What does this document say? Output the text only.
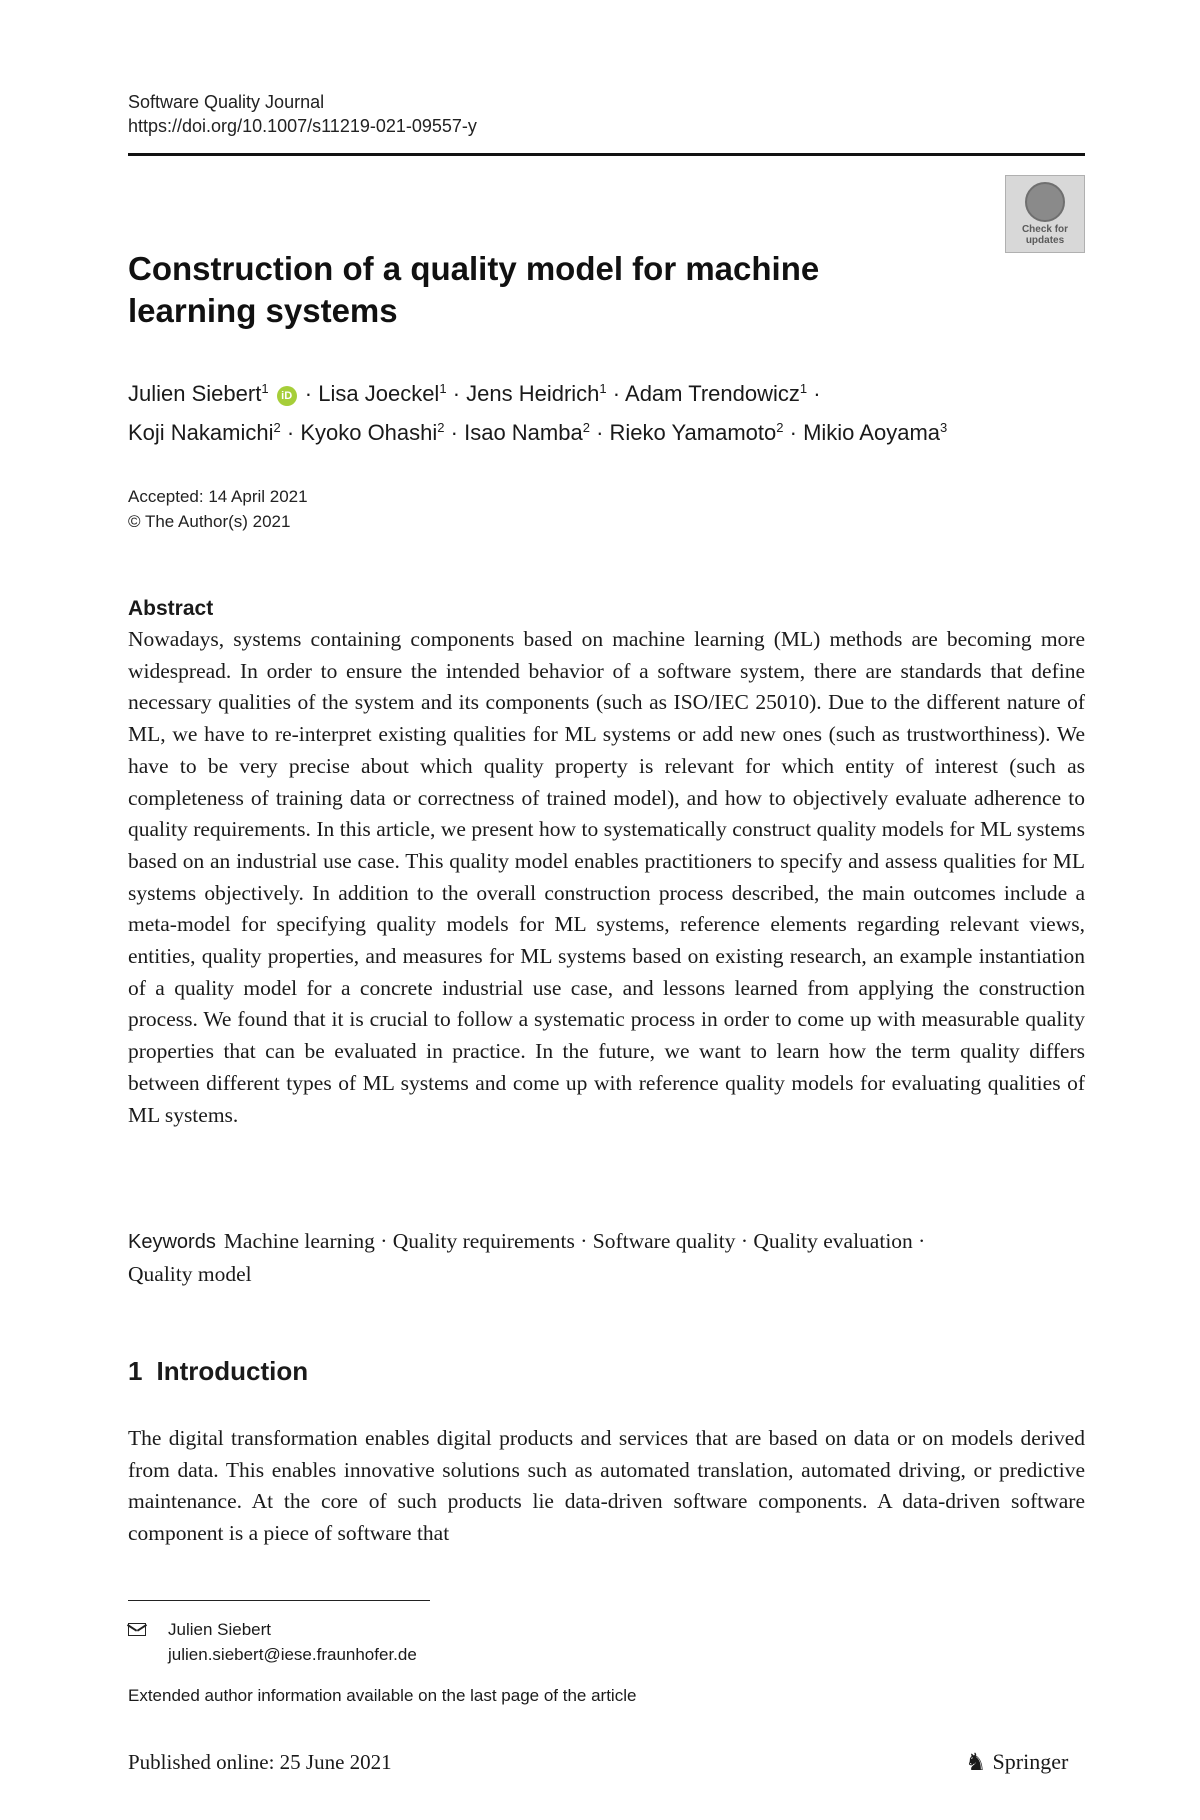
Software Quality Journal
https://doi.org/10.1007/s11219-021-09557-y
Check for updates
Construction of a quality model for machine learning systems
Julien Siebert$^1$ iD · Lisa Joeckel$^1$ · Jens Heidrich$^1$ · Adam Trendowicz$^1$ ·
Koji Nakamichi$^2$ · Kyoko Ohashi$^2$ · Isao Namba$^2$ · Rieko Yamamoto$^2$ · Mikio Aoyama$^3$
Accepted: 14 April 2021
© The Author(s) 2021
Abstract
Nowadays, systems containing components based on machine learning (ML) methods are becoming more widespread. In order to ensure the intended behavior of a software system, there are standards that define necessary qualities of the system and its components (such as ISO/IEC 25010). Due to the different nature of ML, we have to re-interpret existing qualities for ML systems or add new ones (such as trustworthiness). We have to be very precise about which quality property is relevant for which entity of interest (such as completeness of training data or correctness of trained model), and how to objectively evaluate adherence to quality requirements. In this article, we present how to systematically construct quality models for ML systems based on an industrial use case. This quality model enables practitioners to specify and assess qualities for ML systems objectively. In addition to the overall construction process described, the main outcomes include a meta-model for specifying quality models for ML systems, reference elements regarding relevant views, entities, quality properties, and measures for ML systems based on existing research, an example instantiation of a quality model for a concrete industrial use case, and lessons learned from applying the construction process. We found that it is crucial to follow a systematic process in order to come up with measurable quality properties that can be evaluated in practice. In the future, we want to learn how the term quality differs between different types of ML systems and come up with reference quality models for evaluating qualities of ML systems.
Keywords Machine learning · Quality requirements · Software quality · Quality evaluation · Quality model
1 Introduction
The digital transformation enables digital products and services that are based on data or on models derived from data. This enables innovative solutions such as automated translation, automated driving, or predictive maintenance. At the core of such products lie data-driven software components. A data-driven software component is a piece of software that
Julien Siebert
julien.siebert@iese.fraunhofer.de
Extended author information available on the last page of the article
Published online: 25 June 2021	♞ Springer
